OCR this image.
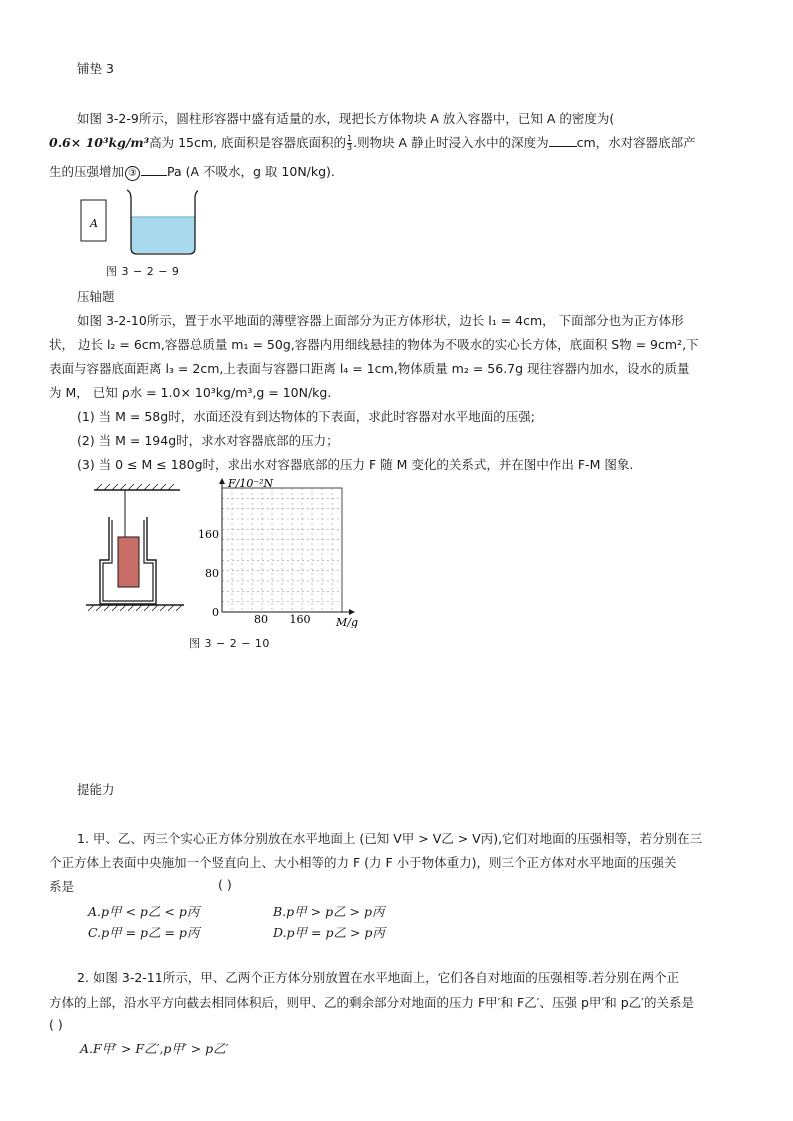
铺垫 3
如图 3-2-9所示，圆柱形容器中盛有适量的水，现把长方体物块 A 放入容器中，已知 A 的密度为(
0.6× 10³kg/m³高为 15cm, 底面积是容器底面积的 $\frac{1}{3}$ .则物块 A 静止时浸入水中的深度为 cm，水对容器底部产
生的压强增加 ③ Pa (A 不吸水，g 取 10N/kg).
A
图 3 − 2 − 9
压轴题
如图 3-2-10所示，置于水平地面的薄壁容器上面部分为正方体形状，边长 l₁ = 4cm， 下面部分也为正方体形
状， 边长 l₂ = 6cm,容器总质量 m₁ = 50g,容器内用细线悬挂的物体为不吸水的实心长方体，底面积 S物 = 9cm²,下
表面与容器底面距离 l₃ = 2cm,上表面与容器口距离 l₄ = 1cm,物体质量 m₂ = 56.7g 现往容器内加水，设水的质量
为 M， 已知 ρ水 = 1.0× 10³kg/m³,g = 10N/kg.
(1) 当 M = 58g时，水面还没有到达物体的下表面，求此时容器对水平地面的压强;
(2) 当 M = 194g时，求水对容器底部的压力；
(3) 当 0 ≤ M ≤ 180g时，求出水对容器底部的压力 F 随 M 变化的关系式，并在图中作出 F-M 图象.
F/10⁻²N
M/g
160
80
0
80 160
图 3 − 2 − 10
提能力
1. 甲、乙、丙三个实心正方体分别放在水平地面上 (已知 V甲 > V乙 > V丙),它们对地面的压强相等，若分别在三
个正方体上表面中央施加一个竖直向上、大小相等的力 F (力 F 小于物体重力)，则三个正方体对水平地面的压强关
系是	( )
A.p甲 < p乙 < p丙	B.p甲 > p乙 > p丙
C.p甲 = p乙 = p丙	D.p甲 = p乙 > p丙
2. 如图 3-2-11所示，甲、乙两个正方体分别放置在水平地面上，它们各自对地面的压强相等.若分别在两个正
方体的上部，沿水平方向截去相同体积后，则甲、乙的剩余部分对地面的压力 F甲′和 F乙′、压强 p甲′和 p乙′的关系是
( )
A.F甲′ > F乙′,p甲′ > p乙′
